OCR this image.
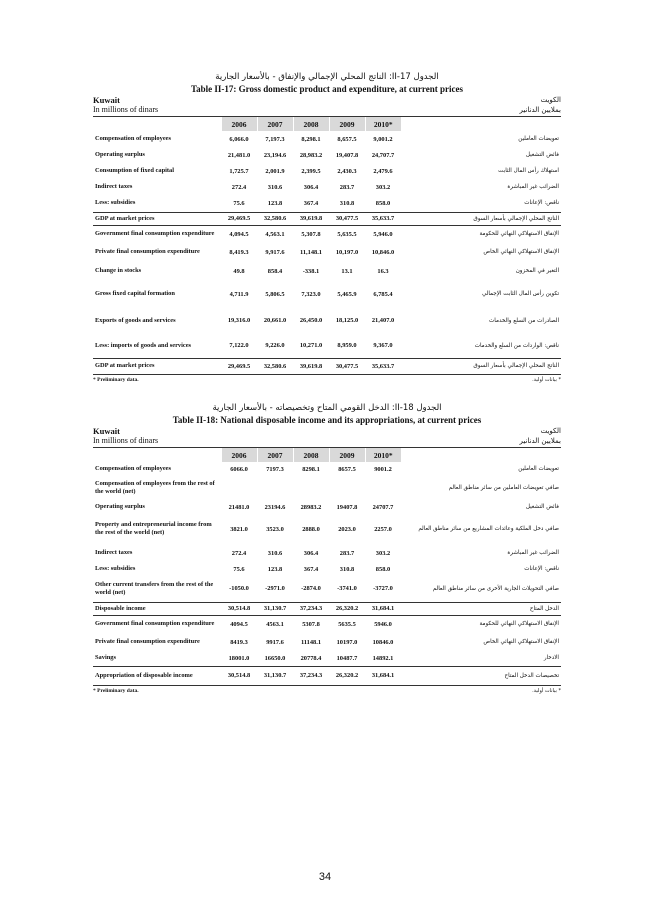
الجدول II-17: الناتج المحلي الإجمالي والإنفاق - بالأسعار الجارية
Table II-17: Gross domestic product and expenditure, at current prices
Kuwait	الكويت
In millions of dinars	بملايين الدنانير
	2006	2007	2008	2009	2010*	
Compensation of employees	6,066.0	7,197.3	8,298.1	8,657.5	9,001.2	تعويضات العاملين
Operating surplus	21,481.0	23,194.6	28,983.2	19,407.8	24,707.7	فائض التشغيل
Consumption of fixed capital	1,725.7	2,001.9	2,399.5	2,430.3	2,479.6	استهلاك رأس المال الثابت
Indirect taxes	272.4	310.6	306.4	283.7	303.2	الضرائب غير المباشرة
Less: subsidies	75.6	123.8	367.4	310.8	858.0	ناقص: الإعانات
GDP at market prices	29,469.5	32,580.6	39,619.8	30,477.5	35,633.7	الناتج المحلي الإجمالي بأسعار السوق
Government final consumption expenditure	4,094.5	4,563.1	5,307.8	5,635.5	5,946.0	الإنفاق الاستهلاكي النهائي للحكومة
Private final consumption expenditure	8,419.3	9,917.6	11,148.1	10,197.0	10,846.0	الإنفاق الاستهلاكي النهائي الخاص
Change in stocks	49.8	858.4	-338.1	13.1	16.3	التغير في المخزون
Gross fixed capital formation	4,711.9	5,806.5	7,323.0	5,465.9	6,785.4	تكوين رأس المال الثابت الإجمالي
Exports of goods and services	19,316.0	20,661.0	26,450.0	18,125.0	21,407.0	الصادرات من السلع والخدمات
Less: imports of goods and services	7,122.0	9,226.0	10,271.0	8,959.0	9,367.0	ناقص: الواردات من السلع والخدمات
GDP at market prices	29,469.5	32,580.6	39,619.8	30,477.5	35,633.7	الناتج المحلي الإجمالي بأسعار السوق
* Preliminary data.	* بيانات أولية.
الجدول II-18: الدخل القومي المتاح وتخصيصاته - بالأسعار الجارية
Table II-18: National disposable income and its appropriations, at current prices
Kuwait	الكويت
In millions of dinars	بملايين الدنانير
	2006	2007	2008	2009	2010*	
Compensation of employees	6066.0	7197.3	8298.1	8657.5	9001.2	تعويضات العاملين
Compensation of employees from the rest of the world (net)						صافي تعويضات العاملين من سائر مناطق العالم
Operating surplus	21481.0	23194.6	28983.2	19407.8	24707.7	فائض التشغيل
Property and entrepreneurial income from the rest of the world (net)	3821.0	3523.0	2888.0	2023.0	2257.0	صافي دخل الملكية وعائدات المشاريع من سائر مناطق العالم
Indirect taxes	272.4	310.6	306.4	283.7	303.2	الضرائب غير المباشرة
Less: subsidies	75.6	123.8	367.4	310.8	858.0	ناقص: الإعانات
Other current transfers from the rest of the world (net)	-1050.0	-2971.0	-2874.0	-3741.0	-3727.0	صافي التحويلات الجارية الأخرى من سائر مناطق العالم
Disposable income	30,514.8	31,130.7	37,234.3	26,320.2	31,684.1	الدخل المتاح
Government final consumption expenditure	4094.5	4563.1	5307.8	5635.5	5946.0	الإنفاق الاستهلاكي النهائي للحكومة
Private final consumption expenditure	8419.3	9917.6	11148.1	10197.0	10846.0	الإنفاق الاستهلاكي النهائي الخاص
Savings	18001.0	16650.0	20778.4	10487.7	14892.1	الادخار
Appropriation of disposable income	30,514.8	31,130.7	37,234.3	26,320.2	31,684.1	تخصيصات الدخل المتاح
* Preliminary data.	* بيانات أولية.
34
